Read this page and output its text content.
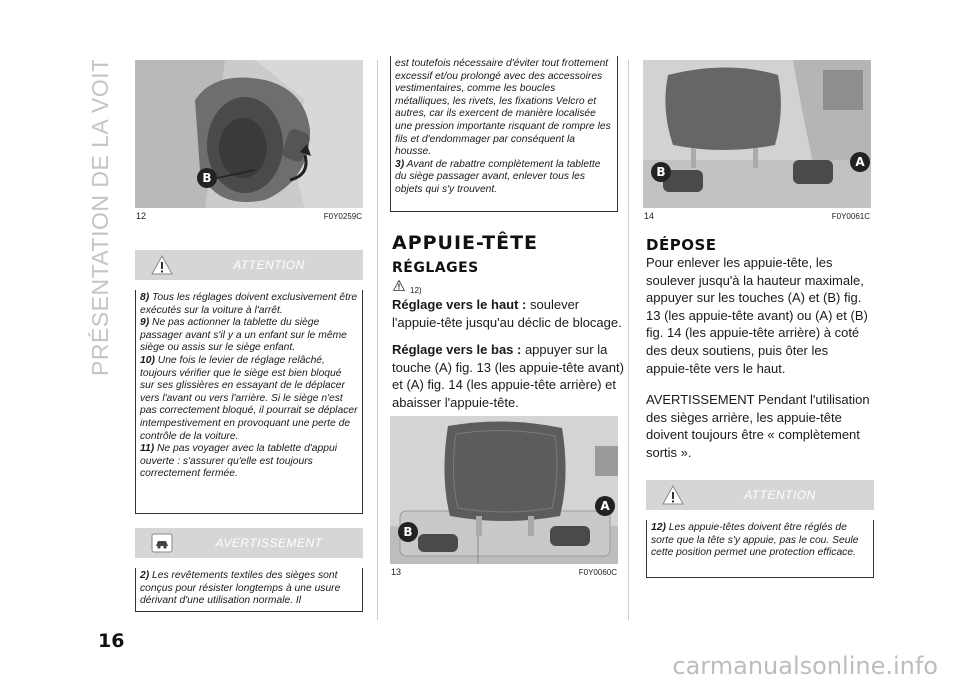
PRÉSENTATION DE LA VOITURE	B
12	F0Y0259C
ATTENTION

8) Tous les réglages doivent exclusivement être exécutés sur la voiture à l'arrêt.

9) Ne pas actionner la tablette du siège passager avant s'il y a un enfant sur le même siège ou assis sur le siège enfant.

10) Une fois le levier de réglage relâché, toujours vérifier que le siège est bien bloqué sur ses glissières en essayant de le déplacer vers l'avant ou vers l'arrière. Si le siège n'est pas correctement bloqué, il pourrait se déplacer intempestivement en provoquant une perte de contrôle de la voiture.

11) Ne pas voyager avec la tablette d'appui ouverte : s'assurer qu'elle est toujours correctement fermée.

AVERTISSEMENT

2) Les revêtements textiles des sièges sont conçus pour résister longtemps à une usure dérivant d'une utilisation normale. Il

est toutefois nécessaire d'éviter tout frottement excessif et/ou prolongé avec des accessoires vestimentaires, comme les boucles métalliques, les rivets, les fixations Velcro et autres, car ils exercent de manière localisée une pression importante risquant de rompre les fils et d'endommager par conséquent la housse.

3) Avant de rabattre complètement la tablette du siège passager avant, enlever tous les objets qui s'y trouvent.

APPUIE-TÊTE
RÉGLAGES
12)

Réglage vers le haut : soulever l'appuie-tête jusqu'au déclic de blocage.

Réglage vers le bas : appuyer sur la touche (A) fig. 13 (les appuie-tête avant) et (A) fig. 14 (les appuie-tête arrière) et abaisser l'appuie-tête.

B
A
13	F0Y0060C
B
A
14	F0Y0061C
DÉPOSE

Pour enlever les appuie-tête, les soulever jusqu'à la hauteur maximale, appuyer sur les touches (A) et (B) fig. 13 (les appuie-tête avant) ou (A) et (B) fig. 14 (les appuie-tête arrière) à coté des deux soutiens, puis ôter les appuie-tête vers le haut.

AVERTISSEMENT Pendant l'utilisation des sièges arrière, les appuie-tête doivent toujours être « complètement sortis ».

ATTENTION

12) Les appuie-têtes doivent être réglés de sorte que la tête s'y appuie, pas le cou. Seule cette position permet une protection efficace.

16
carmanualsonline.info
